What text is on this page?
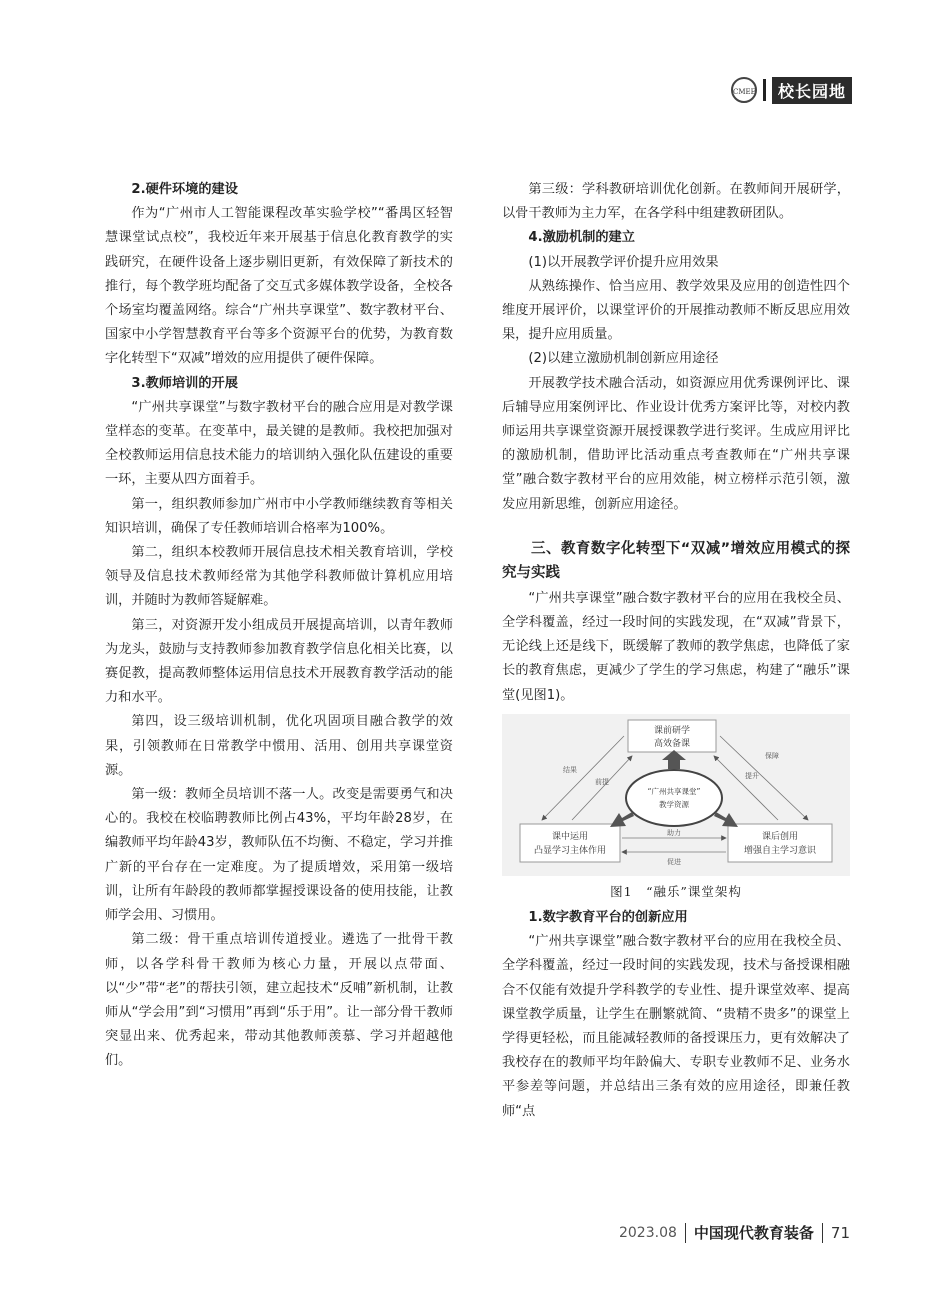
CMEE	校长园地

2.硬件环境的建设

作为“广州市人工智能课程改革实验学校”“番禺区轻智慧课堂试点校”，我校近年来开展基于信息化教育教学的实践研究，在硬件设备上逐步剔旧更新，有效保障了新技术的推行，每个教学班均配备了交互式多媒体教学设备，全校各个场室均覆盖网络。综合“广州共享课堂”、数字教材平台、国家中小学智慧教育平台等多个资源平台的优势，为教育数字化转型下“双减”增效的应用提供了硬件保障。

3.教师培训的开展

“广州共享课堂”与数字教材平台的融合应用是对教学课堂样态的变革。在变革中，最关键的是教师。我校把加强对全校教师运用信息技术能力的培训纳入强化队伍建设的重要一环，主要从四方面着手。

第一，组织教师参加广州市中小学教师继续教育等相关知识培训，确保了专任教师培训合格率为100%。

第二，组织本校教师开展信息技术相关教育培训，学校领导及信息技术教师经常为其他学科教师做计算机应用培训，并随时为教师答疑解难。

第三，对资源开发小组成员开展提高培训，以青年教师为龙头，鼓励与支持教师参加教育教学信息化相关比赛，以赛促教，提高教师整体运用信息技术开展教育教学活动的能力和水平。

第四，设三级培训机制，优化巩固项目融合教学的效果，引领教师在日常教学中惯用、活用、创用共享课堂资源。

第一级：教师全员培训不落一人。改变是需要勇气和决心的。我校在校临聘教师比例占43%，平均年龄28岁，在编教师平均年龄43岁，教师队伍不均衡、不稳定，学习并推广新的平台存在一定难度。为了提质增效，采用第一级培训，让所有年龄段的教师都掌握授课设备的使用技能，让教师学会用、习惯用。

第二级：骨干重点培训传道授业。遴选了一批骨干教师，以各学科骨干教师为核心力量，开展以点带面、以“少”带“老”的帮扶引领，建立起技术“反哺”新机制，让教师从“学会用”到“习惯用”再到“乐于用”。让一部分骨干教师突显出来、优秀起来，带动其他教师羡慕、学习并超越他们。

第三级：学科教研培训优化创新。在教师间开展研学，以骨干教师为主力军，在各学科中组建教研团队。

4.激励机制的建立

(1)以开展教学评价提升应用效果

从熟练操作、恰当应用、教学效果及应用的创造性四个维度开展评价，以课堂评价的开展推动教师不断反思应用效果，提升应用质量。

(2)以建立激励机制创新应用途径

开展教学技术融合活动，如资源应用优秀课例评比、课后辅导应用案例评比、作业设计优秀方案评比等，对校内教师运用共享课堂资源开展授课教学进行奖评。生成应用评比的激励机制，借助评比活动重点考查教师在“广州共享课堂”融合数字教材平台的应用效能，树立榜样示范引领，激发应用新思维，创新应用途径。

三、教育数字化转型下“双减”增效应用模式的探究与实践

“广州共享课堂”融合数字教材平台的应用在我校全员、全学科覆盖，经过一段时间的实践发现，在“双减”背景下，无论线上还是线下，既缓解了教师的教学焦虑，也降低了家长的教育焦虑，更减少了学生的学习焦虑，构建了“融乐”课堂(见图1)。

课前研学
高效备课
课中运用
凸显学习主体作用
课后创用
增强自主学习意识
“广州共享课堂”
教学资源
结果
前提
保障
提升
助力
促进
图1　“融乐”课堂架构

1.数字教育平台的创新应用

“广州共享课堂”融合数字教材平台的应用在我校全员、全学科覆盖，经过一段时间的实践发现，技术与备授课相融合不仅能有效提升学科教学的专业性、提升课堂效率、提高课堂教学质量，让学生在删繁就简、“贵精不贵多”的课堂上学得更轻松，而且能减轻教师的备授课压力，更有效解决了我校存在的教师平均年龄偏大、专职专业教师不足、业务水平参差等问题，并总结出三条有效的应用途径，即兼任教师“点

2023.08 中国现代教育装备 71
